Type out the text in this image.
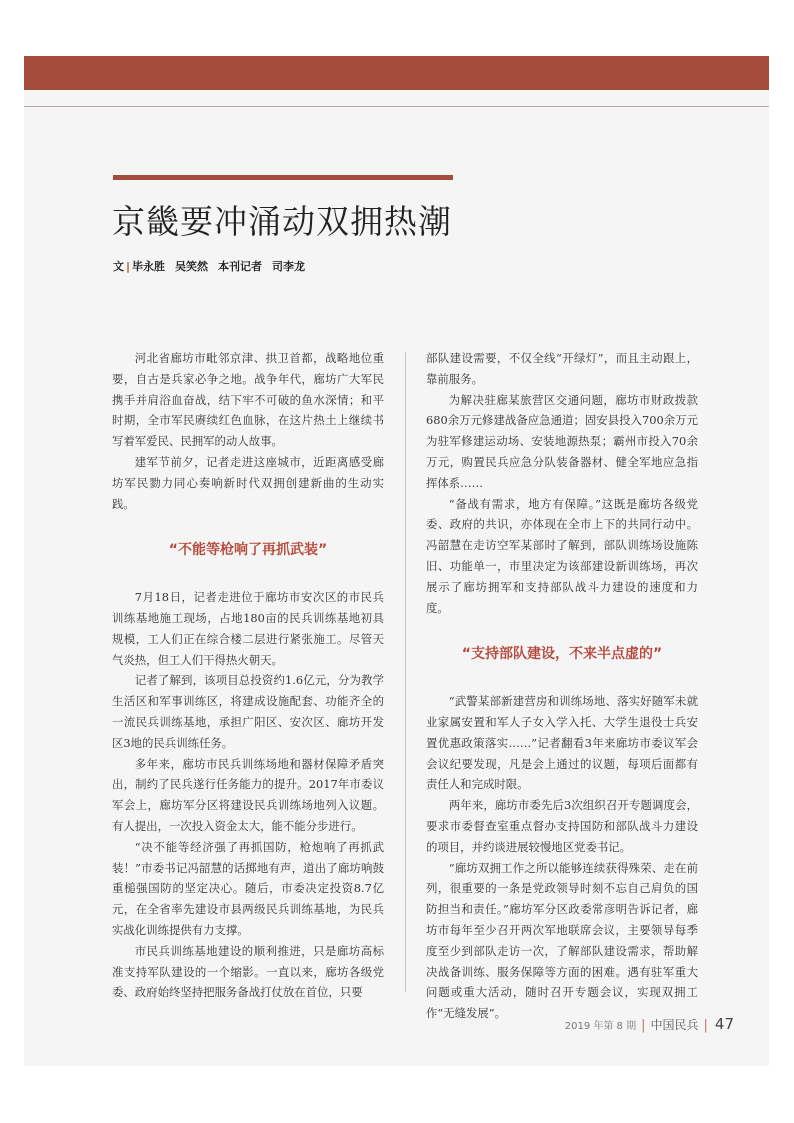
京畿要冲涌动双拥热潮
文 | 毕永胜 吴笑然 本刊记者 司李龙

河北省廊坊市毗邻京津、拱卫首都，战略地位重要，自古是兵家必争之地。战争年代，廊坊广大军民携手并肩浴血奋战，结下牢不可破的鱼水深情；和平时期，全市军民赓续红色血脉，在这片热土上继续书写着军爱民、民拥军的动人故事。

建军节前夕，记者走进这座城市，近距离感受廊坊军民勠力同心奏响新时代双拥创建新曲的生动实践。

“不能等枪响了再抓武装”

7月18日，记者走进位于廊坊市安次区的市民兵训练基地施工现场，占地180亩的民兵训练基地初具规模，工人们正在综合楼二层进行紧张施工。尽管天气炎热，但工人们干得热火朝天。

记者了解到，该项目总投资约1.6亿元，分为教学生活区和军事训练区，将建成设施配套、功能齐全的一流民兵训练基地，承担广阳区、安次区、廊坊开发区3地的民兵训练任务。

多年来，廊坊市民兵训练场地和器材保障矛盾突出，制约了民兵遂行任务能力的提升。2017年市委议军会上，廊坊军分区将建设民兵训练场地列入议题。有人提出，一次投入资金太大，能不能分步进行。

“决不能等经济强了再抓国防，枪炮响了再抓武装！”市委书记冯韶慧的话掷地有声，道出了廊坊响鼓重槌强国防的坚定决心。随后，市委决定投资8.7亿元，在全省率先建设市县两级民兵训练基地，为民兵实战化训练提供有力支撑。

市民兵训练基地建设的顺利推进，只是廊坊高标准支持军队建设的一个缩影。一直以来，廊坊各级党委、政府始终坚持把服务备战打仗放在首位，只要

部队建设需要，不仅全线“开绿灯”，而且主动跟上，靠前服务。

为解决驻廊某旅营区交通问题，廊坊市财政拨款680余万元修建战备应急通道；固安县投入700余万元为驻军修建运动场、安装地源热泵；霸州市投入70余万元，购置民兵应急分队装备器材、健全军地应急指挥体系……

“备战有需求，地方有保障。”这既是廊坊各级党委、政府的共识，亦体现在全市上下的共同行动中。冯韶慧在走访空军某部时了解到，部队训练场设施陈旧、功能单一，市里决定为该部建设新训练场，再次展示了廊坊拥军和支持部队战斗力建设的速度和力度。

“支持部队建设，不来半点虚的”

“武警某部新建营房和训练场地、落实好随军未就业家属安置和军人子女入学入托、大学生退役士兵安置优惠政策落实……”记者翻看3年来廊坊市委议军会会议纪要发现，凡是会上通过的议题，每项后面都有责任人和完成时限。

两年来，廊坊市委先后3次组织召开专题调度会，要求市委督查室重点督办支持国防和部队战斗力建设的项目，并约谈进展较慢地区党委书记。

“廊坊双拥工作之所以能够连续获得殊荣、走在前列，很重要的一条是党政领导时刻不忘自己肩负的国防担当和责任。”廊坊军分区政委常彦明告诉记者，廊坊市每年至少召开两次军地联席会议，主要领导每季度至少到部队走访一次，了解部队建设需求，帮助解决战备训练、服务保障等方面的困难。遇有驻军重大问题或重大活动，随时召开专题会议，实现双拥工作“无缝发展”。

2019 年第 8 期 | 中国民兵 | 47
